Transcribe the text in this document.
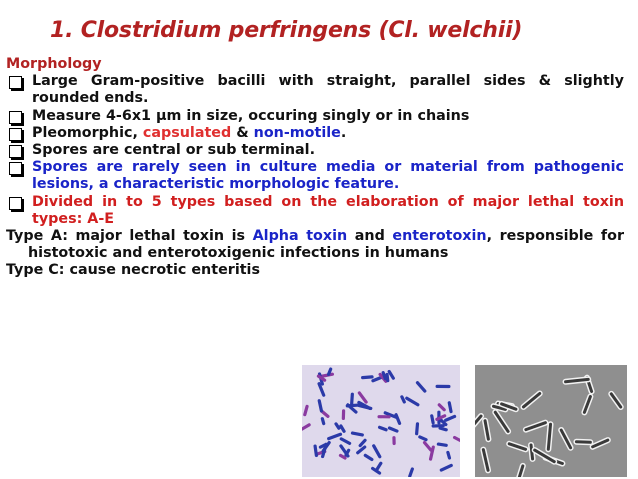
1. Clostridium perfringens (Cl. welchii)

Morphology

Large Gram-positive bacilli with straight, parallel sides & slightly rounded ends.

Measure 4-6x1 μm in size, occuring singly or in chains

Pleomorphic, capsulated & non-motile.

Spores are central or sub terminal.

Spores are rarely seen in culture media or material from pathogenic lesions, a characteristic morphologic feature.

Divided in to 5 types based on the elaboration of major lethal toxin types: A-E

Type A: major lethal toxin is Alpha toxin and enterotoxin, responsible for histotoxic and enterotoxigenic infections in humans

Type C: cause necrotic enteritis
